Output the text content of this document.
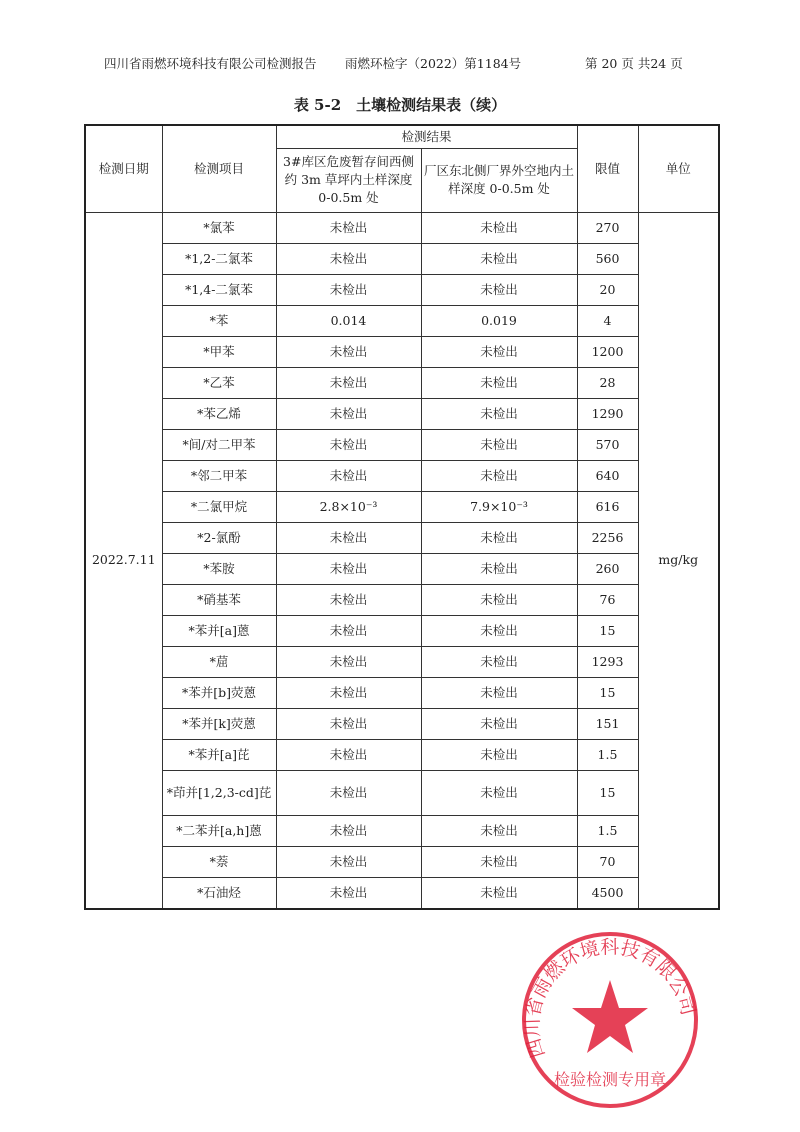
四川省雨燃环境科技有限公司检测报告 雨燃环检字（2022）第1184号	第 20 页 共24 页
表 5-2　土壤检测结果表（续）
检测日期	检测项目	检测结果		限值	单位
		3#库区危废暂存间西侧约 3m 草坪内土样深度 0-0.5m 处	厂区东北侧厂界外空地内土样深度 0-0.5m 处		
2022.7.11	*氯苯	未检出	未检出	270	mg/kg
	*1,2-二氯苯	未检出	未检出	560	
	*1,4-二氯苯	未检出	未检出	20	
	*苯	0.014	0.019	4	
	*甲苯	未检出	未检出	1200	
	*乙苯	未检出	未检出	28	
	*苯乙烯	未检出	未检出	1290	
	*间/对二甲苯	未检出	未检出	570	
	*邻二甲苯	未检出	未检出	640	
	*二氯甲烷	2.8×10⁻³	7.9×10⁻³	616	
	*2-氯酚	未检出	未检出	2256	
	*苯胺	未检出	未检出	260	
	*硝基苯	未检出	未检出	76	
	*苯并[a]蒽	未检出	未检出	15	
	*䓛	未检出	未检出	1293	
	*苯并[b]荧蒽	未检出	未检出	15	
	*苯并[k]荧蒽	未检出	未检出	151	
	*苯并[a]芘	未检出	未检出	1.5	
	*茚并[1,2,3-cd]芘	未检出	未检出	15	
	*二苯并[a,h]蒽	未检出	未检出	1.5	
	*萘	未检出	未检出	70	
	*石油烃	未检出	未检出	4500	
四川省雨燃环境科技有限公司
检验检测专用章
